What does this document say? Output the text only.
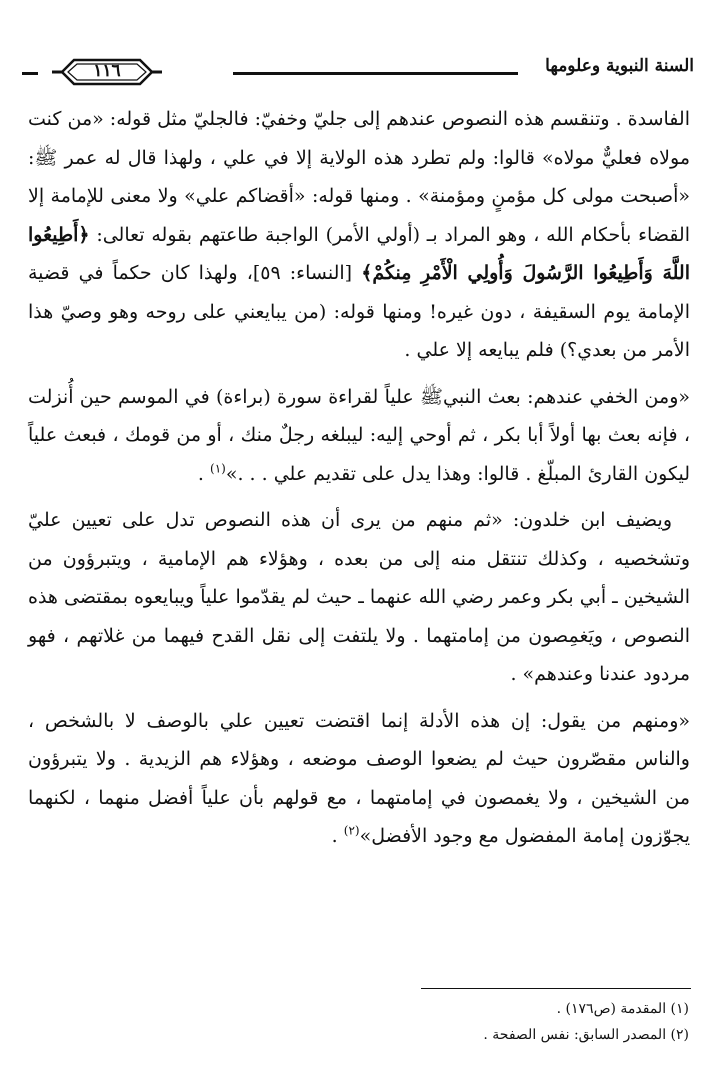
السنة النبوية وعلومها
١١٦

الفاسدة . وتنقسم هذه النصوص عندهم إلى جليّ وخفيّ: فالجليّ مثل قوله: «من كنت مولاه فعليٌّ مولاه» قالوا: ولم تطرد هذه الولاية إلا في علي ، ولهذا قال له عمر ﷺ: «أصبحت مولى كل مؤمنٍ ومؤمنة» . ومنها قوله: «أقضاكم علي» ولا معنى للإمامة إلا القضاء بأحكام الله ، وهو المراد بـ (أولي الأمر) الواجبة طاعتهم بقوله تعالى: ﴿أَطِيعُوا اللَّهَ وَأَطِيعُوا الرَّسُولَ وَأُولِي الْأَمْرِ مِنكُمْ﴾ [النساء: ٥٩]، ولهذا كان حكماً في قضية الإمامة يوم السقيفة ، دون غيره! ومنها قوله: (من يبايعني على روحه وهو وصيّ هذا الأمر من بعدي؟) فلم يبايعه إلا علي .

«ومن الخفي عندهم: بعث النبيﷺ علياً لقراءة سورة (براءة) في الموسم حين أُنزلت ، فإنه بعث بها أولاً أبا بكر ، ثم أوحي إليه: ليبلغه رجلٌ منك ، أو من قومك ، فبعث علياً ليكون القارئ المبلّغ . قالوا: وهذا يدل على تقديم علي . . .»$^{(١)}$ .

ويضيف ابن خلدون: «ثم منهم من يرى أن هذه النصوص تدل على تعيين عليّ وتشخصيه ، وكذلك تنتقل منه إلى من بعده ، وهؤلاء هم الإمامية ، ويتبرؤون من الشيخين ـ أبي بكر وعمر رضي الله عنهما ـ حيث لم يقدّموا علياً ويبايعوه بمقتضى هذه النصوص ، ويَغمِصون من إمامتهما . ولا يلتفت إلى نقل القدح فيهما من غلاتهم ، فهو مردود عندنا وعندهم» .

«ومنهم من يقول: إن هذه الأدلة إنما اقتضت تعيين علي بالوصف لا بالشخص ، والناس مقصّرون حيث لم يضعوا الوصف موضعه ، وهؤلاء هم الزيدية . ولا يتبرؤون من الشيخين ، ولا يغمصون في إمامتهما ، مع قولهم بأن علياً أفضل منهما ، لكنهما يجوّزون إمامة المفضول مع وجود الأفضل»$^{(٢)}$ .

(١) المقدمة (ص١٧٦) .

(٢) المصدر السابق: نفس الصفحة .
